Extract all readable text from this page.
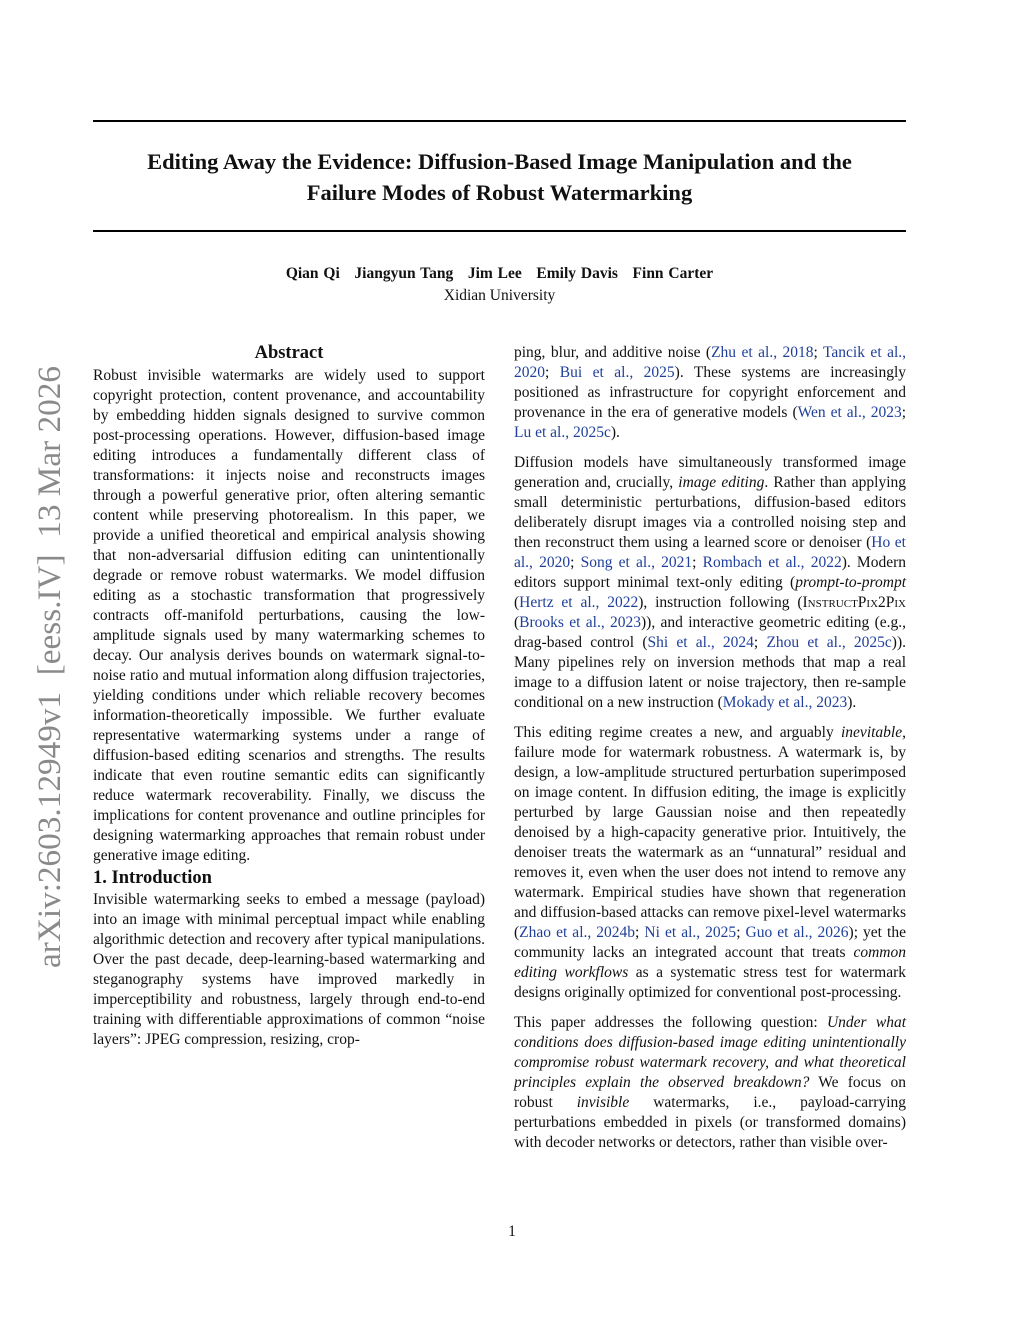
Editing Away the Evidence: Diffusion-Based Image Manipulation and the
Failure Modes of Robust Watermarking
Qian Qi   Jiangyun Tang   Jim Lee   Emily Davis   Finn Carter
Xidian University
arXiv:2603.12949v1  [eess.IV]  13 Mar 2026

Abstract

Robust invisible watermarks are widely used to support copyright protection, content provenance, and accountability by embedding hidden signals designed to survive common post-processing operations. However, diffusion-based image editing introduces a fundamentally different class of transformations: it injects noise and reconstructs images through a powerful generative prior, often altering semantic content while preserving photorealism. In this paper, we provide a unified theoretical and empirical analysis showing that non-adversarial diffusion editing can unintentionally degrade or remove robust watermarks. We model diffusion editing as a stochastic transformation that progressively contracts off-manifold perturbations, causing the low-amplitude signals used by many watermarking schemes to decay. Our analysis derives bounds on watermark signal-to-noise ratio and mutual information along diffusion trajectories, yielding conditions under which reliable recovery becomes information-theoretically impossible. We further evaluate representative watermarking systems under a range of diffusion-based editing scenarios and strengths. The results indicate that even routine semantic edits can significantly reduce watermark recoverability. Finally, we discuss the implications for content provenance and outline principles for designing watermarking approaches that remain robust under generative image editing.

1. Introduction

Invisible watermarking seeks to embed a message (payload) into an image with minimal perceptual impact while enabling algorithmic detection and recovery after typical manipulations. Over the past decade, deep-learning-based watermarking and steganography systems have improved markedly in imperceptibility and robustness, largely through end-to-end training with differentiable approximations of common “noise layers”: JPEG compression, resizing, crop-

ping, blur, and additive noise (Zhu et al., 2018; Tancik et al., 2020; Bui et al., 2025). These systems are increasingly positioned as infrastructure for copyright enforcement and provenance in the era of generative models (Wen et al., 2023; Lu et al., 2025c).

Diffusion models have simultaneously transformed image generation and, crucially, image editing. Rather than applying small deterministic perturbations, diffusion-based editors deliberately disrupt images via a controlled noising step and then reconstruct them using a learned score or denoiser (Ho et al., 2020; Song et al., 2021; Rombach et al., 2022). Modern editors support minimal text-only editing (prompt-to-prompt (Hertz et al., 2022), instruction following (InstructPix2Pix (Brooks et al., 2023)), and interactive geometric editing (e.g., drag-based control (Shi et al., 2024; Zhou et al., 2025c)). Many pipelines rely on inversion methods that map a real image to a diffusion latent or noise trajectory, then re-sample conditional on a new instruction (Mokady et al., 2023).

This editing regime creates a new, and arguably inevitable, failure mode for watermark robustness. A watermark is, by design, a low-amplitude structured perturbation superimposed on image content. In diffusion editing, the image is explicitly perturbed by large Gaussian noise and then repeatedly denoised by a high-capacity generative prior. Intuitively, the denoiser treats the watermark as an “unnatural” residual and removes it, even when the user does not intend to remove any watermark. Empirical studies have shown that regeneration and diffusion-based attacks can remove pixel-level watermarks (Zhao et al., 2024b; Ni et al., 2025; Guo et al., 2026); yet the community lacks an integrated account that treats common editing workflows as a systematic stress test for watermark designs originally optimized for conventional post-processing.

This paper addresses the following question: Under what conditions does diffusion-based image editing unintentionally compromise robust watermark recovery, and what theoretical principles explain the observed breakdown? We focus on robust invisible watermarks, i.e., payload-carrying perturbations embedded in pixels (or transformed domains) with decoder networks or detectors, rather than visible over-

1
